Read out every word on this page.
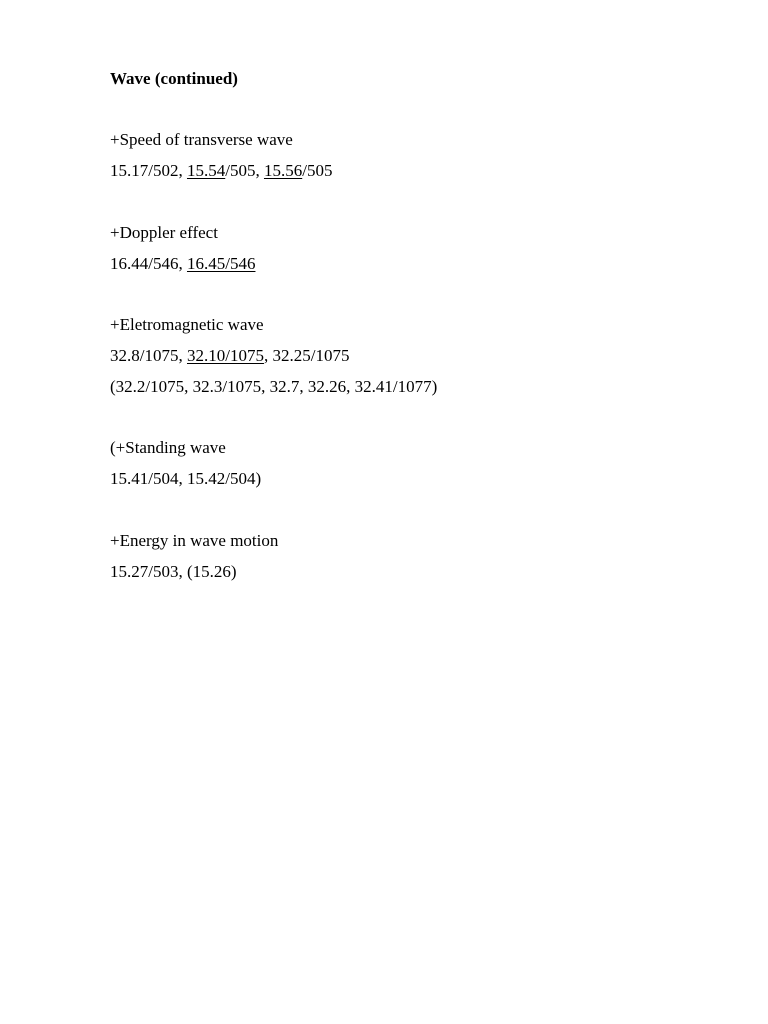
Wave (continued)
+Speed of transverse wave
15.17/502, 15.54/505, 15.56/505
+Doppler effect
16.44/546, 16.45/546
+Eletromagnetic wave
32.8/1075, 32.10/1075, 32.25/1075
(32.2/1075, 32.3/1075, 32.7, 32.26, 32.41/1077)
(+Standing wave
15.41/504, 15.42/504)
+Energy in wave motion
15.27/503, (15.26)
